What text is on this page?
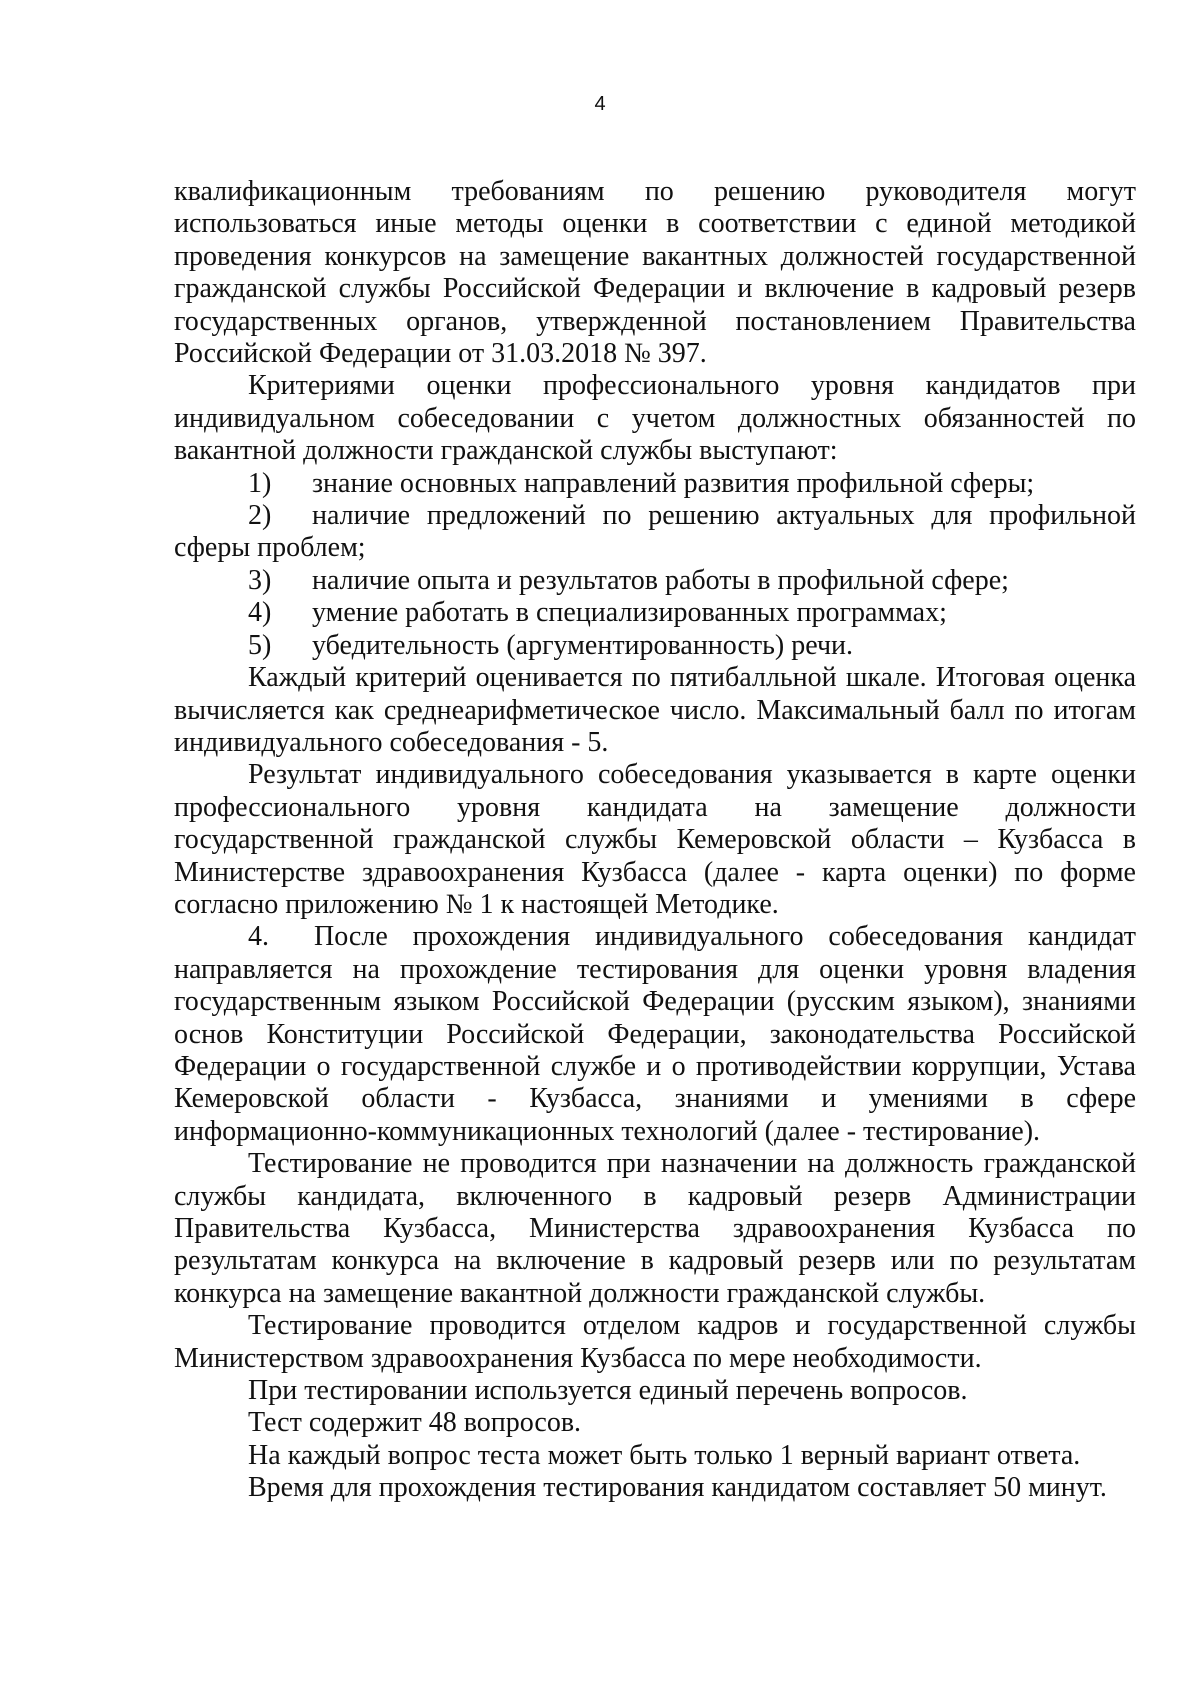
4

квалификационным требованиям по решению руководителя могут использоваться иные методы оценки в соответствии с единой методикой проведения конкурсов на замещение вакантных должностей государственной гражданской службы Российской Федерации и включение в кадровый резерв государственных органов, утвержденной постановлением Правительства Российской Федерации от 31.03.2018 № 397.

Критериями оценки профессионального уровня кандидатов при индивидуальном собеседовании с учетом должностных обязанностей по вакантной должности гражданской службы выступают:

1)	знание основных направлений развития профильной сферы;

2) наличие предложений по решению актуальных для профильной сферы проблем;

3)	наличие опыта и результатов работы в профильной сфере;
4)	умение работать в специализированных программах;
5)	убедительность (аргументированность) речи.

Каждый критерий оценивается по пятибалльной шкале. Итоговая оценка вычисляется как среднеарифметическое число. Максимальный балл по итогам индивидуального собеседования - 5.

Результат индивидуального собеседования указывается в карте оценки профессионального уровня кандидата на замещение должности государственной гражданской службы Кемеровской области – Кузбасса в Министерстве здравоохранения Кузбасса (далее - карта оценки) по форме согласно приложению № 1 к настоящей Методике.

4. После прохождения индивидуального собеседования кандидат направляется на прохождение тестирования для оценки уровня владения государственным языком Российской Федерации (русским языком), знаниями основ Конституции Российской Федерации, законодательства Российской Федерации о государственной службе и о противодействии коррупции, Устава Кемеровской области - Кузбасса, знаниями и умениями в сфере информационно-коммуникационных технологий (далее - тестирование).

Тестирование не проводится при назначении на должность гражданской службы кандидата, включенного в кадровый резерв Администрации Правительства Кузбасса, Министерства здравоохранения Кузбасса по результатам конкурса на включение в кадровый резерв или по результатам конкурса на замещение вакантной должности гражданской службы.

Тестирование проводится отделом кадров и государственной службы Министерством здравоохранения Кузбасса по мере необходимости.

При тестировании используется единый перечень вопросов.

Тест содержит 48 вопросов.

На каждый вопрос теста может быть только 1 верный вариант ответа.

Время для прохождения тестирования кандидатом составляет 50 минут.
